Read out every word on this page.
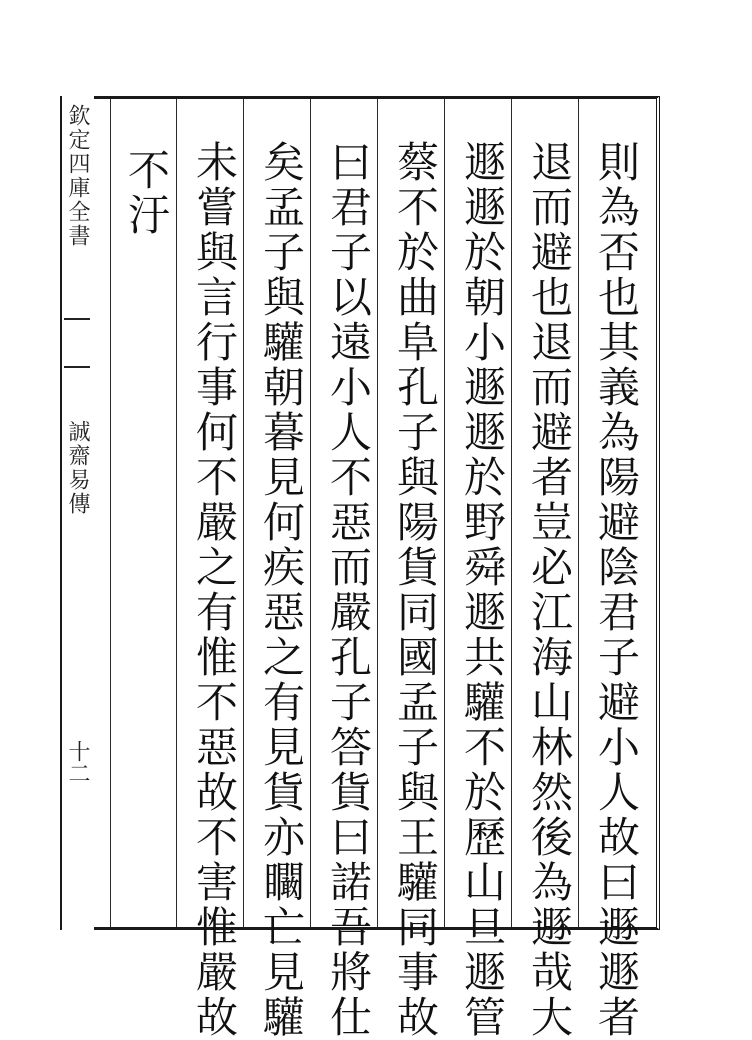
欽定四庫全書
誠齋易傳
十二	則為否也其義為陽避陰君子避小人故曰遯遯者
退而避也退而避者豈必江海山林然後為遯哉大
遯遯於朝小遯遯於野舜遯共驩不於歷山旦遯管
蔡不於曲阜孔子與陽貨同國孟子與王驩同事故
曰君子以遠小人不惡而嚴孔子答貨曰諾吾將仕
矣孟子與驩朝暮見何疾惡之有見貨亦矙亡見驩
未嘗與言行事何不嚴之有惟不惡故不害惟嚴故
不汙
